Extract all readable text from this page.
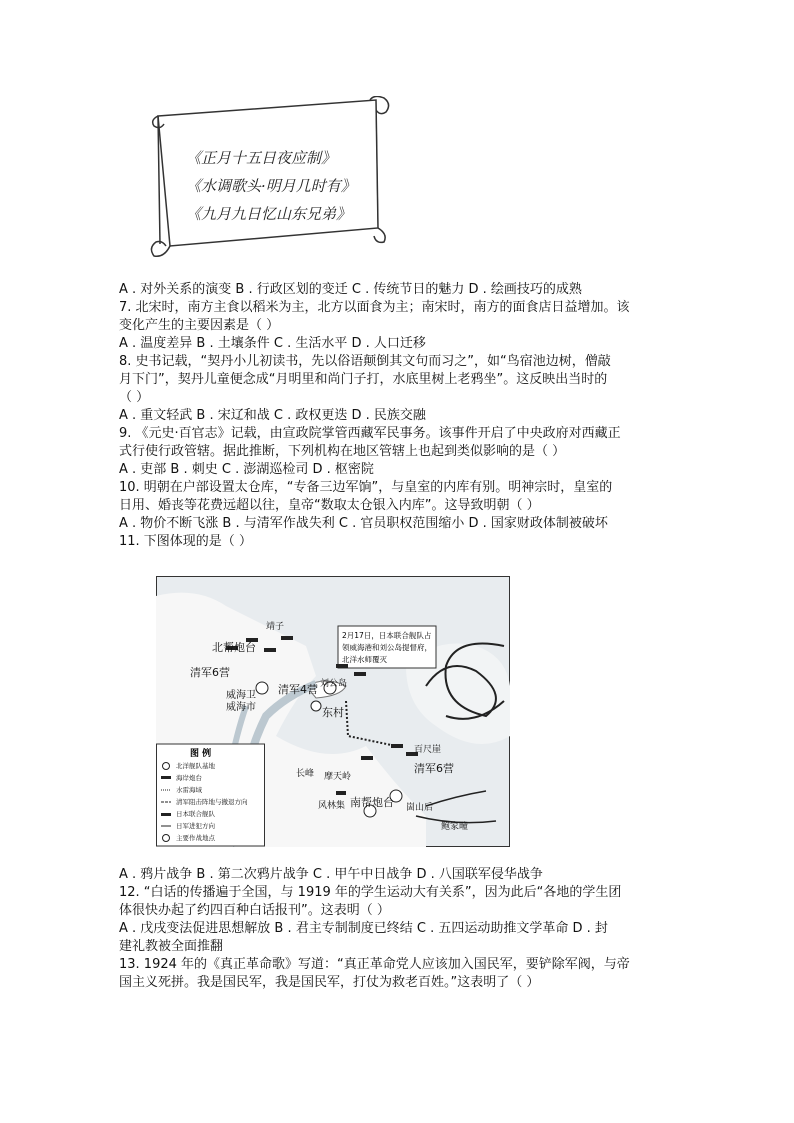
《正月十五日夜应制》
《水调歌头·明月几时有》
《九月九日忆山东兄弟》

A . 对外关系的演变 B . 行政区划的变迁 C . 传统节日的魅力 D . 绘画技巧的成熟

7. 北宋时，南方主食以稻米为主，北方以面食为主；南宋时，南方的面食店日益增加。该

变化产生的主要因素是（ ）

A . 温度差异 B . 土壤条件 C . 生活水平 D . 人口迁移

8. 史书记载，“契丹小儿初读书，先以俗语颠倒其文句而习之”，如“鸟宿池边树，僧敲

月下门”，契丹儿童便念成“月明里和尚门子打，水底里树上老鸦坐”。这反映出当时的

（ ）

A . 重文轻武 B . 宋辽和战 C . 政权更迭 D . 民族交融

9. 《元史·百官志》记载，由宣政院掌管西藏军民事务。该事件开启了中央政府对西藏正

式行使行政管辖。据此推断，下列机构在地区管辖上也起到类似影响的是（ ）

A . 吏部 B . 刺史 C . 澎湖巡检司 D . 枢密院

10. 明朝在户部设置太仓库，“专备三边军饷”，与皇室的内库有别。明神宗时，皇室的

日用、婚丧等花费远超以往，皇帝“数取太仓银入内库”。这导致明朝（ ）

A . 物价不断飞涨 B . 与清军作战失利 C . 官员职权范围缩小 D . 国家财政体制被破坏

11. 下图体现的是（ ）

2月17日，日本联合舰队占
领威海港和刘公岛提督府，
北洋水师覆灭
靖子
北帮炮台
清军6营
威海卫
威海市
清军4营 刘公岛
东村
百尺崖
清军6营
长峰 摩天岭
风林集 南帮炮台 崮山后
鲍家疃
图 例
北洋舰队基地
海岸炮台
水雷海域
清军阻击阵地与撤退方向
日本联合舰队
日军进犯方向
主要作战地点

A . 鸦片战争 B . 第二次鸦片战争 C . 甲午中日战争 D . 八国联军侵华战争

12. “白话的传播遍于全国，与 1919 年的学生运动大有关系”，因为此后“各地的学生团

体很快办起了约四百种白话报刊”。这表明（ ）

A . 戊戌变法促进思想解放 B . 君主专制制度已终结 C . 五四运动助推文学革命 D . 封

建礼教被全面推翻

13. 1924 年的《真正革命歌》写道：“真正革命党人应该加入国民军，要铲除军阀，与帝

国主义死拼。我是国民军，我是国民军，打仗为救老百姓。”这表明了（ ）
